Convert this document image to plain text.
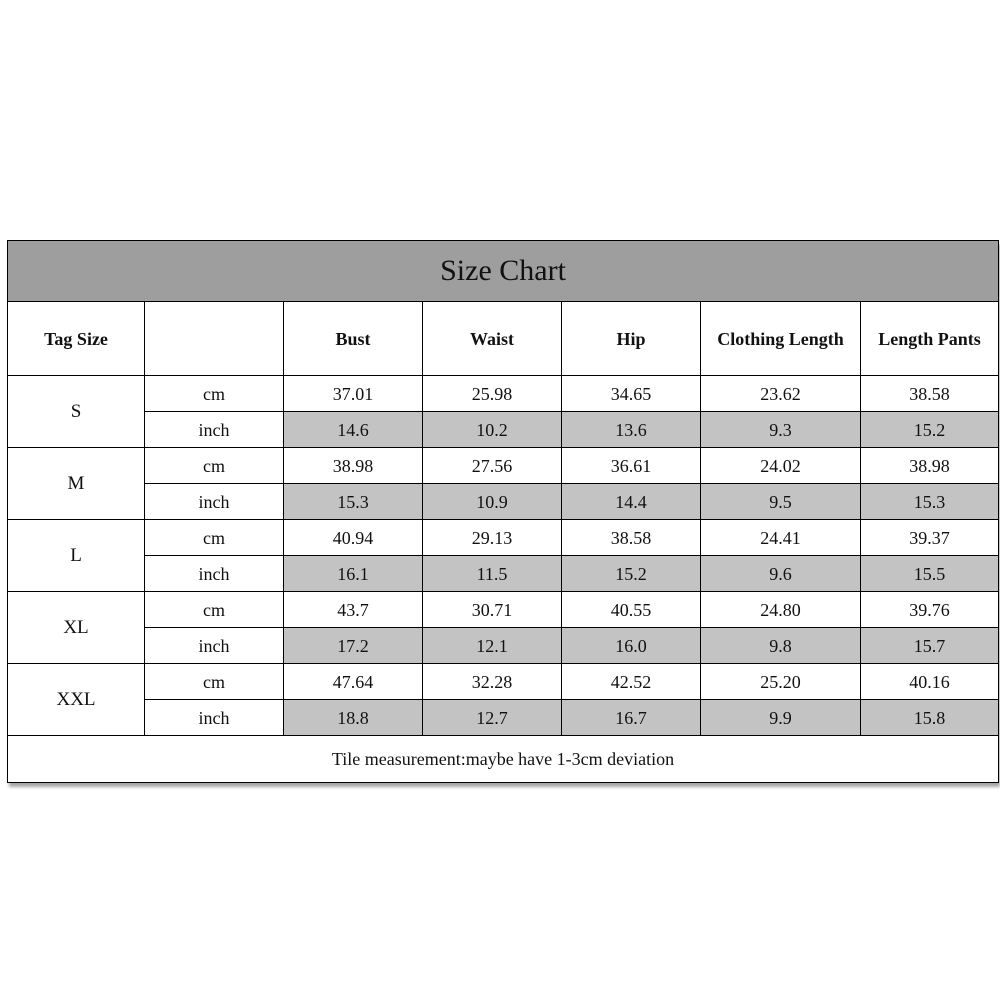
Size Chart						
Tag Size		Bust	Waist	Hip	Clothing Length	Length Pants
S	cm	37.01	25.98	34.65	23.62	38.58
	inch	14.6	10.2	13.6	9.3	15.2
M	cm	38.98	27.56	36.61	24.02	38.98
	inch	15.3	10.9	14.4	9.5	15.3
L	cm	40.94	29.13	38.58	24.41	39.37
	inch	16.1	11.5	15.2	9.6	15.5
XL	cm	43.7	30.71	40.55	24.80	39.76
	inch	17.2	12.1	16.0	9.8	15.7
XXL	cm	47.64	32.28	42.52	25.20	40.16
	inch	18.8	12.7	16.7	9.9	15.8
Tile measurement:maybe have 1-3cm deviation						
